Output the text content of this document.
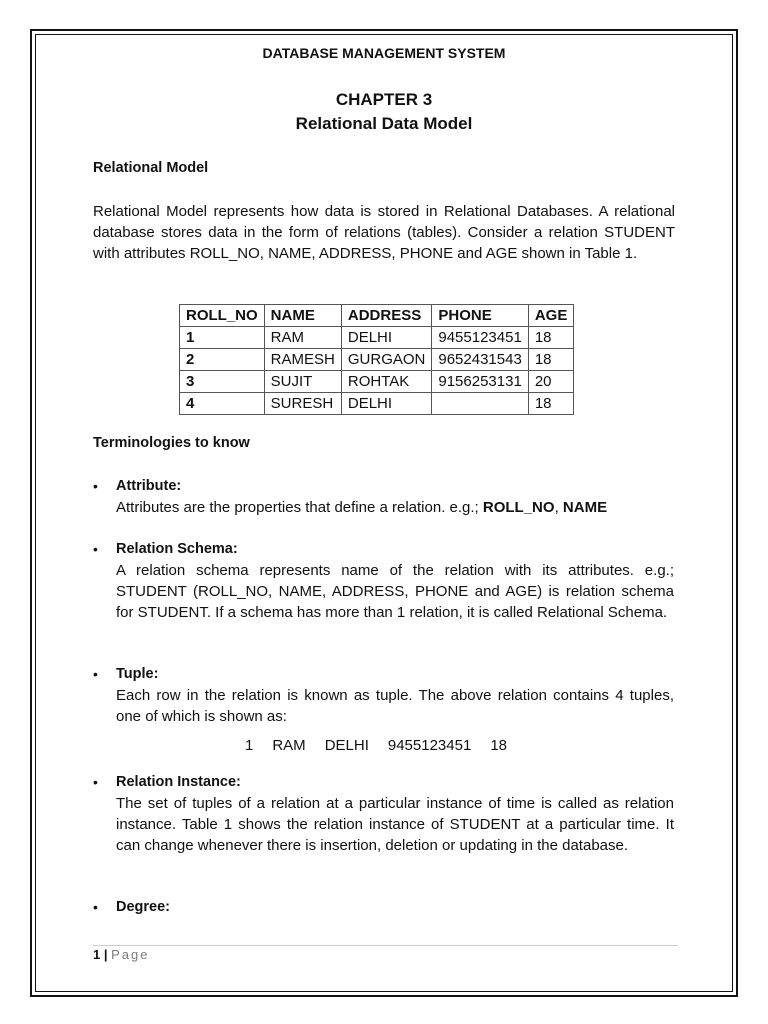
DATABASE MANAGEMENT SYSTEM
CHAPTER 3
Relational Data Model
Relational Model
Relational Model represents how data is stored in Relational Databases. A relational database stores data in the form of relations (tables). Consider a relation STUDENT with attributes ROLL_NO, NAME, ADDRESS, PHONE and AGE shown in Table 1.
ROLL_NO	NAME	ADDRESS	PHONE	AGE
1	RAM	DELHI	9455123451	18
2	RAMESH	GURGAON	9652431543	18
3	SUJIT	ROHTAK	9156253131	20
4	SURESH	DELHI		18
Terminologies to know
• Attribute:
Attributes are the properties that define a relation. e.g.; ROLL_NO, NAME
• Relation Schema:
A relation schema represents name of the relation with its attributes. e.g.; STUDENT (ROLL_NO, NAME, ADDRESS, PHONE and AGE) is relation schema for STUDENT. If a schema has more than 1 relation, it is called Relational Schema.
• Tuple:
Each row in the relation is known as tuple. The above relation contains 4 tuples, one of which is shown as:
1 RAM DELHI 9455123451 18
• Relation Instance:
The set of tuples of a relation at a particular instance of time is called as relation instance. Table 1 shows the relation instance of STUDENT at a particular time. It can change whenever there is insertion, deletion or updating in the database.
• Degree:
1 | Page
